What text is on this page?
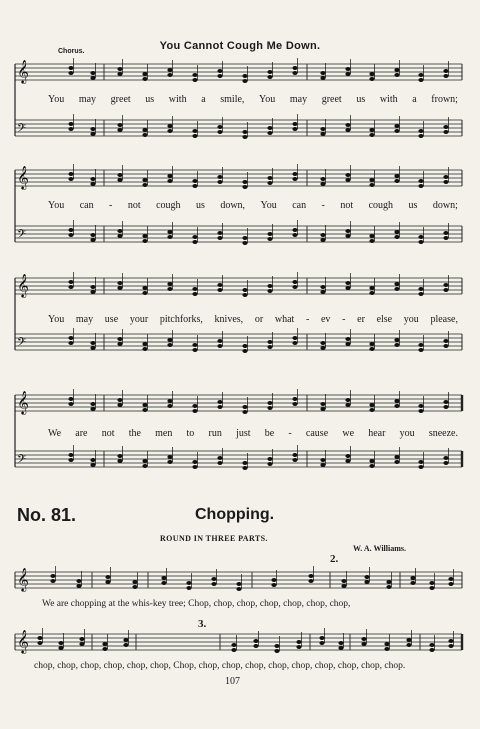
You Cannot Cough Me Down.
Chorus.
𝄞
𝄢
𝄞
𝄢
𝄞
𝄢
𝄞
𝄢
You may greet us with a smile, You may greet us with a frown;
You can - not cough us down, You can - not cough us down;
You may use your pitchforks, knives, or what - ev - er else you please,
We are not the men to run just be - cause we hear you sneeze.
No. 81.	Chopping.
ROUND IN THREE PARTS.
W. A. Williams.
2.
3.
𝄞
𝄞
We are chopping at the whis-key tree; Chop, chop, chop, chop, chop, chop, chop,
chop, chop, chop, chop, chop, chop, Chop, chop, chop, chop, chop, chop, chop, chop, chop, chop.
107
